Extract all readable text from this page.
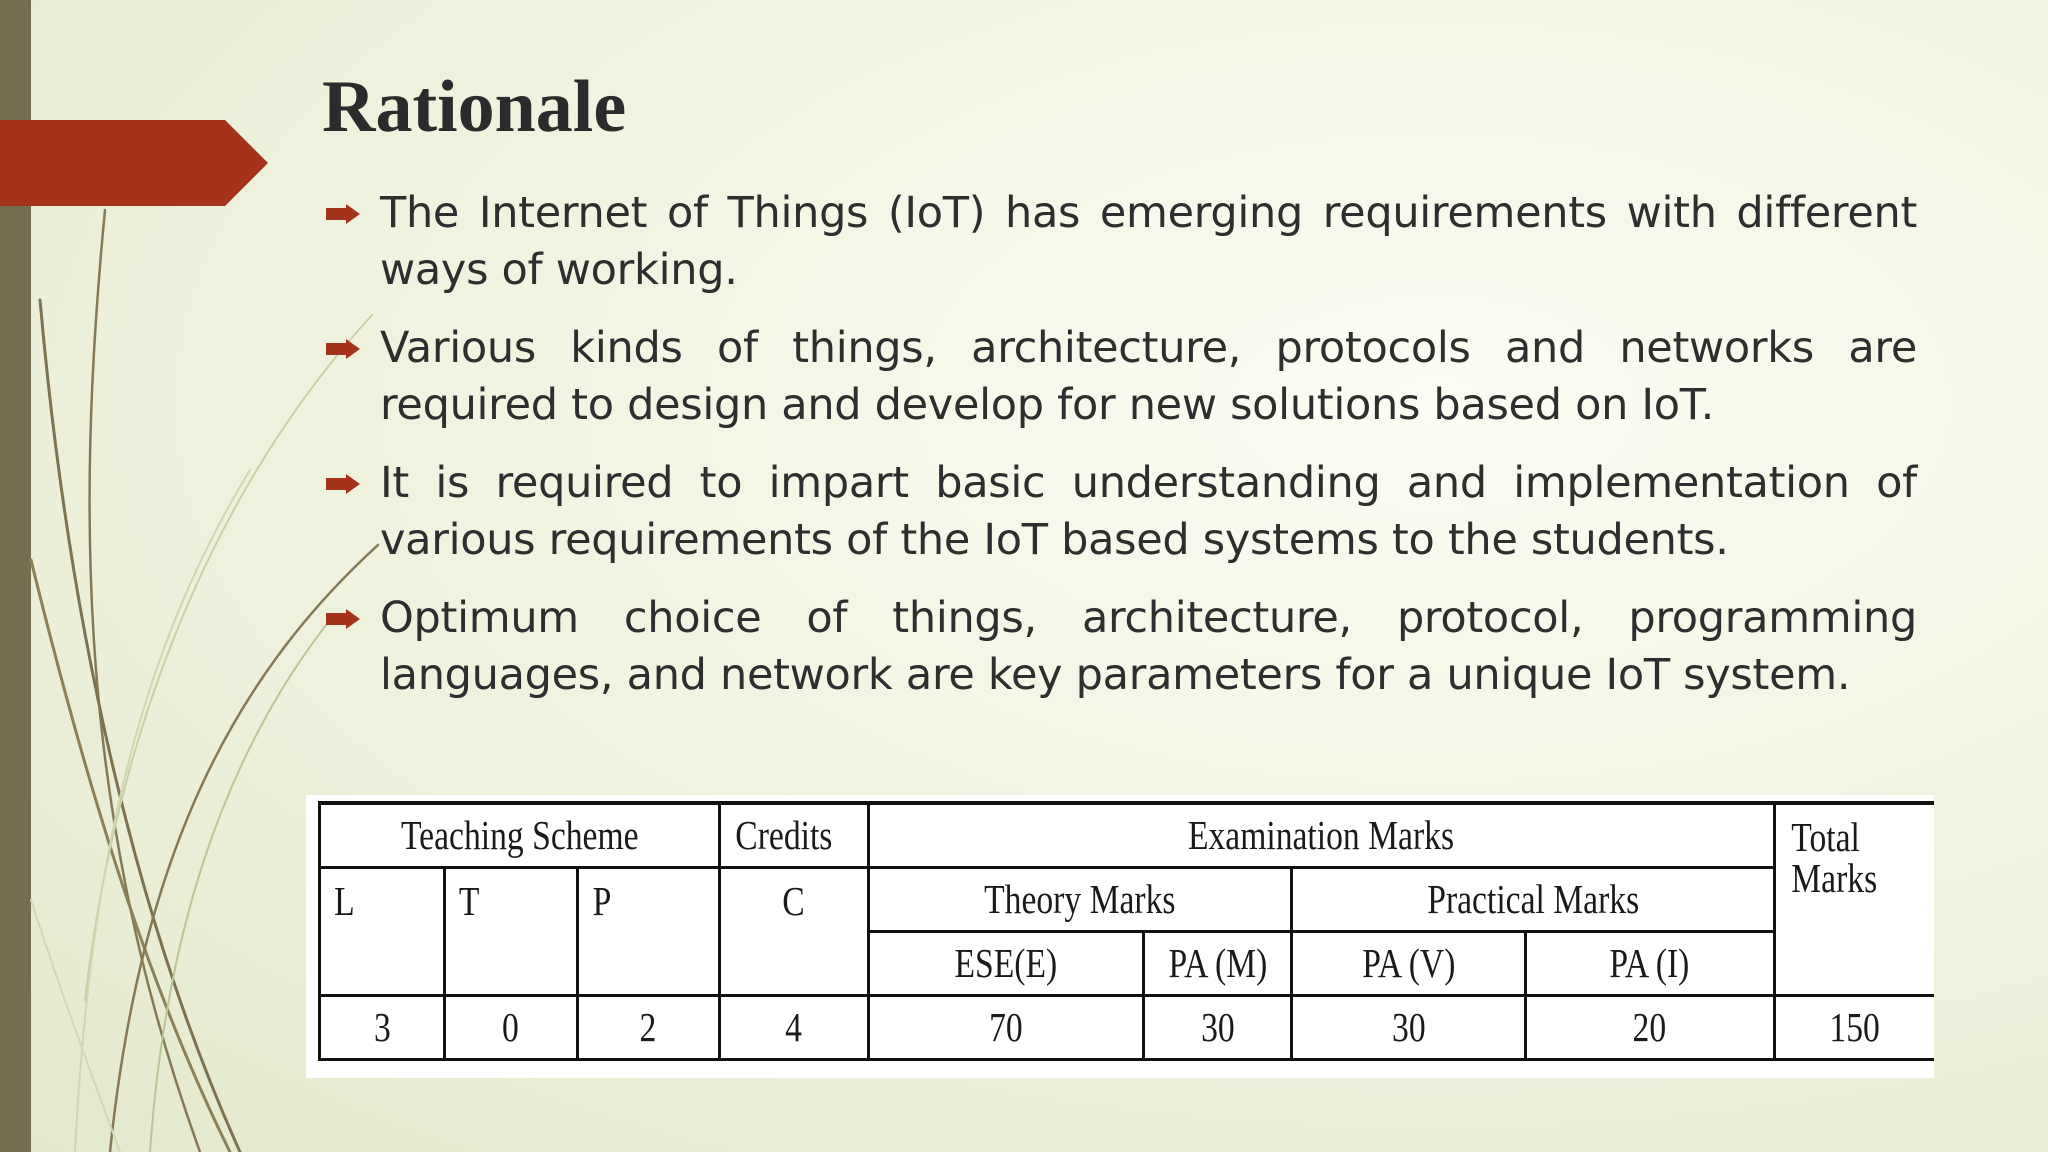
Rationale
The Internet of Things (IoT) has emerging requirements with different ways of working.
Various kinds of things, architecture, protocols and networks are required to design and develop for new solutions based on IoT.
It is required to impart basic understanding and implementation of various requirements of the IoT based systems to the students.
Optimum choice of things, architecture, protocol, programming languages, and network are key parameters for a unique IoT system.
Teaching Scheme			Credits	Examination Marks				Total Marks
L	T	P	C	Theory Marks		Practical Marks		
				ESE(E)	PA (M)	PA (V)	PA (I)	
3	0	2	4	70	30	30	20	150
